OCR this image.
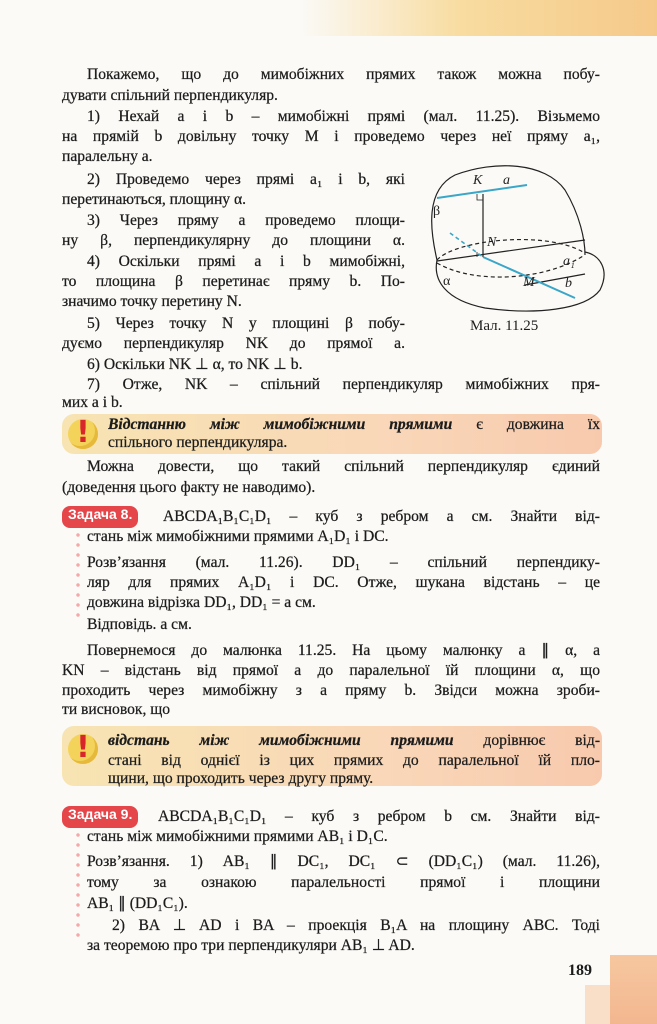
Покажемо, що до мимобіжних прямих також можна побу-
дувати спільний перпендикуляр.
1) Нехай a і b – мимобіжні прямі (мал. 11.25). Візьмемо
на прямій b довільну точку M і проведемо через неї пряму a₁,
паралельну a.
2) Проведемо через прямі a₁ і b, які
перетинаються, площину α.
3) Через пряму a проведемо площи-
ну β, перпендикулярну до площини α.
4) Оскільки прямі a і b мимобіжні,
то площина β перетинає пряму b. По-
значимо точку перетину N.
5) Через точку N у площині β побу-
дуємо перпендикуляр NK до прямої a.
6) Оскільки NK ⊥ α, то NK ⊥ b.
7) Отже, NK – спільний перпендикуляр мимобіжних пря-
мих a і b.
Можна довести, що такий спільний перпендикуляр єдиний
(доведення цього факту не наводимо).
ABCDA₁B₁C₁D₁ – куб з ребром a см. Знайти від-
стань між мимобіжними прямими A₁D₁ і DC.
Розв’язання (мал. 11.26). DD₁ – спільний перпендику-
ляр для прямих A₁D₁ і DC. Отже, шукана відстань – це
довжина відрізка DD₁, DD₁ = a см.
Відповідь. a см.
Повернемося до малюнка 11.25. На цьому малюнку a ∥ α, а
KN – відстань від прямої a до паралельної їй площини α, що
проходить через мимобіжну з a пряму b. Звідси можна зроби-
ти висновок, що
ABCDA₁B₁C₁D₁ – куб з ребром b см. Знайти від-
стань між мимобіжними прямими AB₁ і D₁C.
Розв’язання. 1) AB₁ ∥ DC₁, DC₁ ⊂ (DD₁C₁) (мал. 11.26),
тому за ознакою паралельності прямої і площини
AB₁ ∥ (DD₁C₁).
2) BA ⊥ AD і BA – проекція B₁A на площину ABC. Тоді
за теоремою про три перпендикуляри AB₁ ⊥ AD.
!
!
Відстанню між мимобіжними прямими є довжина їх
спільного перпендикуляра.
відстань між мимобіжними прямими дорівнює від-
стані від однієї із цих прямих до паралельної їй пло-
щини, що проходить через другу пряму.
Задача 8.
Задача 9.
K a
β
N
a₁
α	M b
Мал. 11.25
189
